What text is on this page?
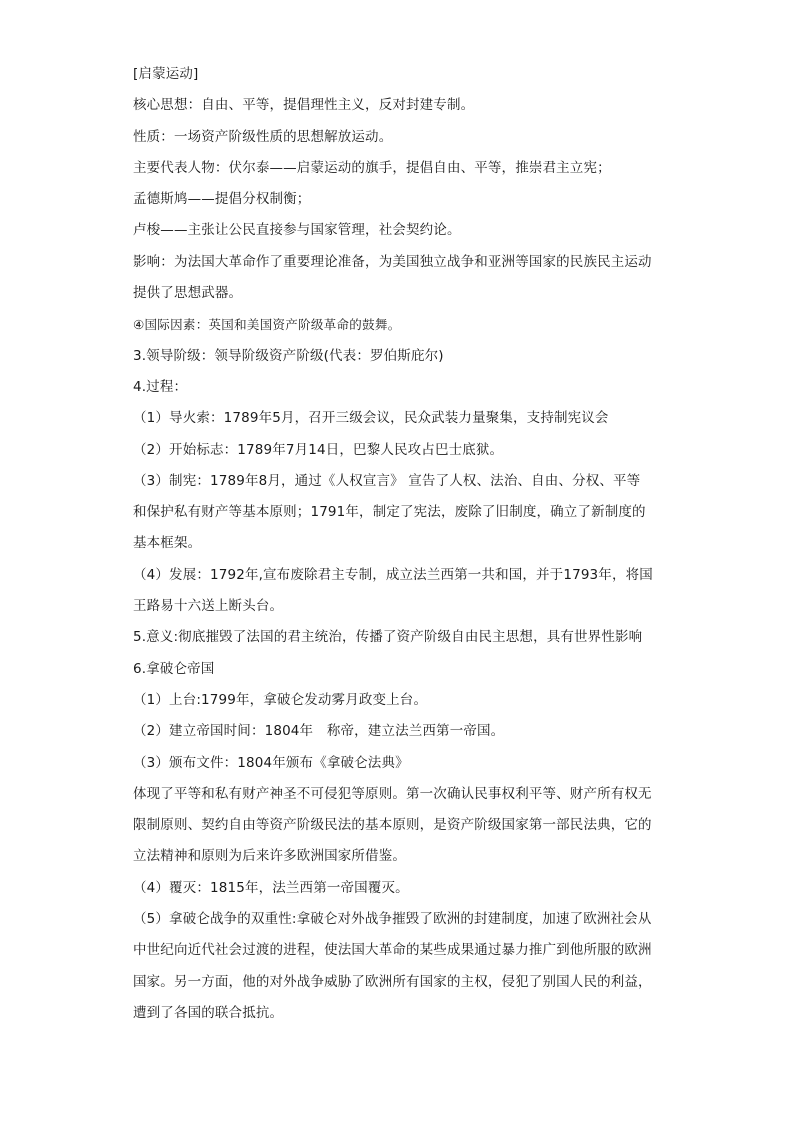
[启蒙运动]
核心思想：自由、平等，提倡理性主义，反对封建专制。
性质：一场资产阶级性质的思想解放运动。
主要代表人物：伏尔泰——启蒙运动的旗手，提倡自由、平等，推崇君主立宪；
孟德斯鸠——提倡分权制衡；
卢梭——主张让公民直接参与国家管理，社会契约论。
影响：为法国大革命作了重要理论准备，为美国独立战争和亚洲等国家的民族民主运动
提供了思想武器。
④国际因素：英国和美国资产阶级革命的鼓舞。
3.领导阶级：领导阶级资产阶级(代表：罗伯斯庇尔)
4.过程：
（1）导火索：1789年5月，召开三级会议，民众武装力量聚集，支持制宪议会
（2）开始标志：1789年7月14日，巴黎人民攻占巴士底狱。
（3）制宪：1789年8月，通过《人权宣言》 宣告了人权、法治、自由、分权、平等
和保护私有财产等基本原则；1791年，制定了宪法，废除了旧制度，确立了新制度的
基本框架。
（4）发展：1792年,宣布废除君主专制，成立法兰西第一共和国，并于1793年，将国
王路易十六送上断头台。
5.意义:彻底摧毁了法国的君主统治，传播了资产阶级自由民主思想，具有世界性影响
6.拿破仑帝国
（1）上台:1799年，拿破仑发动雾月政变上台。
（2）建立帝国时间：1804年　称帝，建立法兰西第一帝国。
（3）颁布文件：1804年颁布《拿破仑法典》
体现了平等和私有财产神圣不可侵犯等原则。第一次确认民事权利平等、财产所有权无
限制原则、契约自由等资产阶级民法的基本原则，是资产阶级国家第一部民法典，它的
立法精神和原则为后来许多欧洲国家所借鉴。
（4）覆灭：1815年，法兰西第一帝国覆灭。
（5）拿破仑战争的双重性:拿破仑对外战争摧毁了欧洲的封建制度，加速了欧洲社会从
中世纪向近代社会过渡的进程，使法国大革命的某些成果通过暴力推广到他所服的欧洲
国家。另一方面，他的对外战争威胁了欧洲所有国家的主权，侵犯了别国人民的利益，
遭到了各国的联合抵抗。
